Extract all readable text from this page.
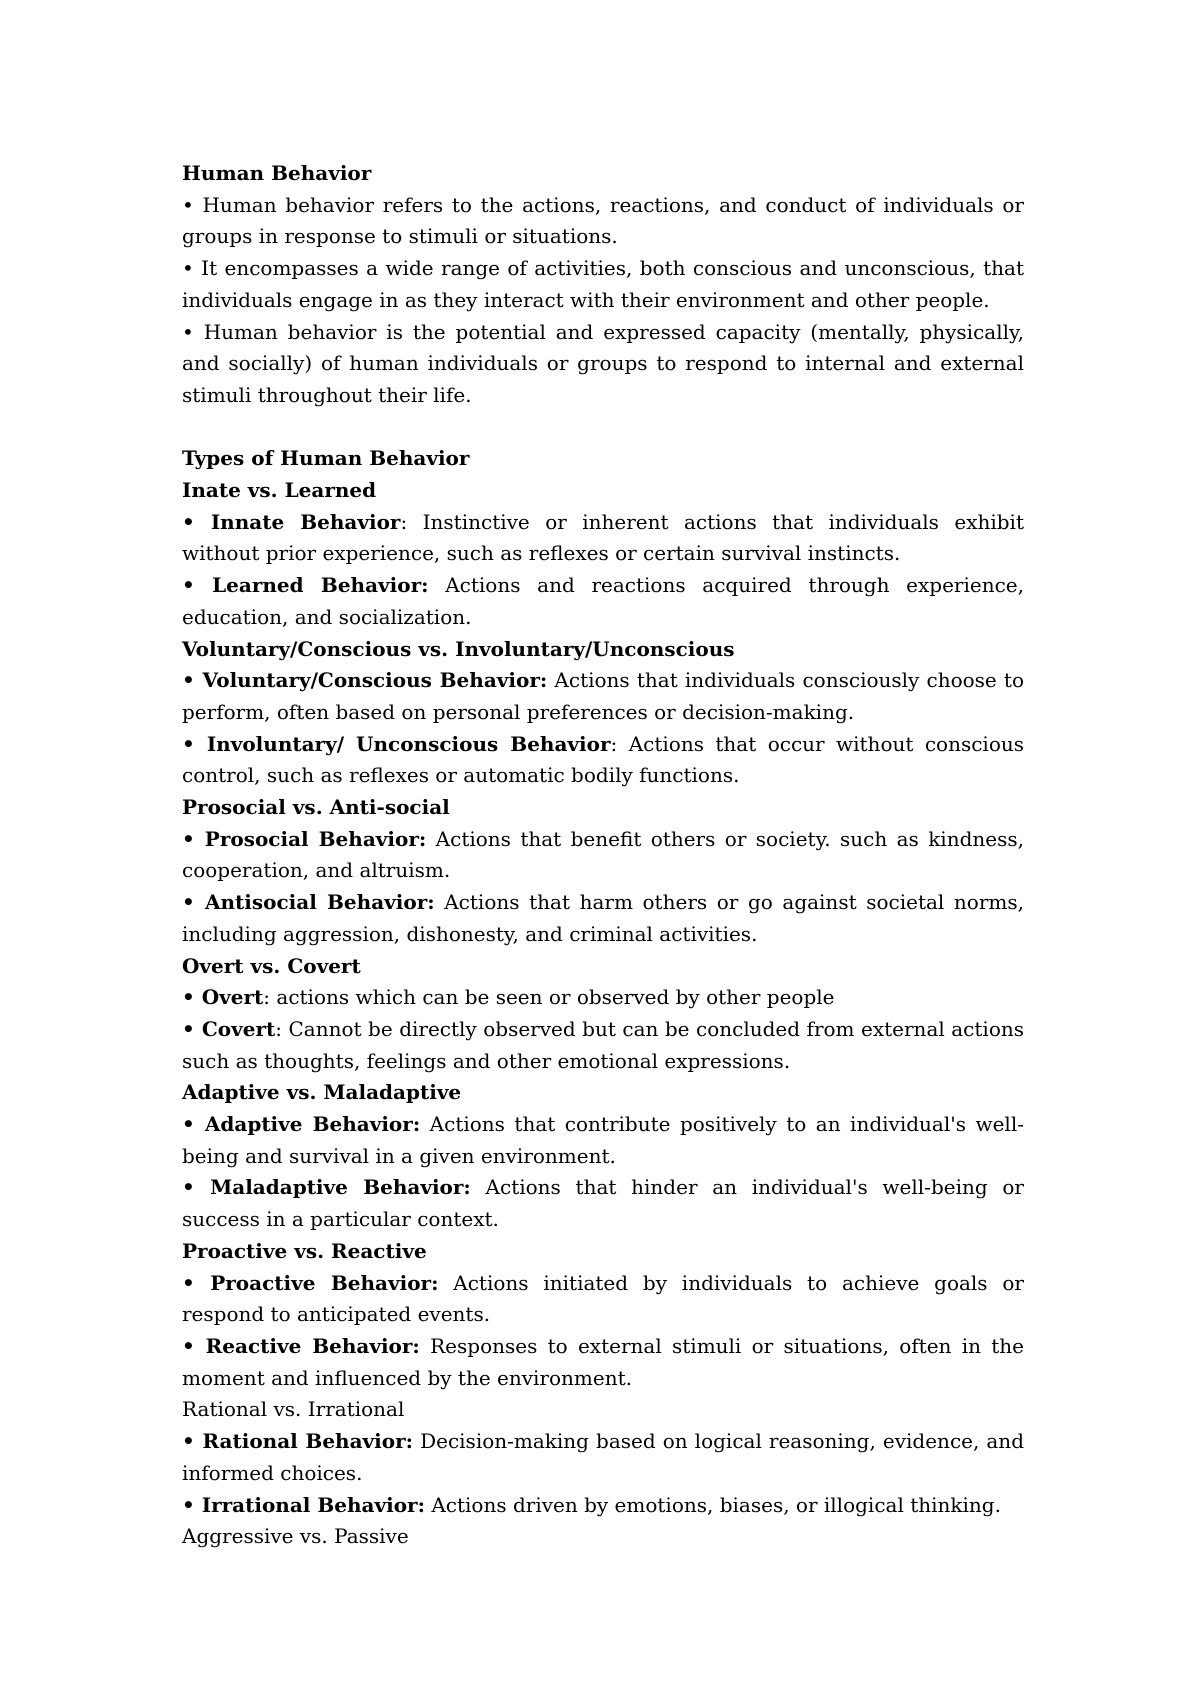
Human Behavior

• Human behavior refers to the actions, reactions, and conduct of individuals or groups in response to stimuli or situations.

• It encompasses a wide range of activities, both conscious and unconscious, that individuals engage in as they interact with their environment and other people.

• Human behavior is the potential and expressed capacity (mentally, physically, and socially) of human individuals or groups to respond to internal and external stimuli throughout their life.

Types of Human Behavior

Inate vs. Learned

• Innate Behavior: Instinctive or inherent actions that individuals exhibit without prior experience, such as reflexes or certain survival instincts.

• Learned Behavior: Actions and reactions acquired through experience, education, and socialization.

Voluntary/Conscious vs. Involuntary/Unconscious

• Voluntary/Conscious Behavior: Actions that individuals consciously choose to perform, often based on personal preferences or decision-making.

• Involuntary/ Unconscious Behavior: Actions that occur without conscious control, such as reflexes or automatic bodily functions.

Prosocial vs. Anti-social

• Prosocial Behavior: Actions that benefit others or society. such as kindness, cooperation, and altruism.

• Antisocial Behavior: Actions that harm others or go against societal norms, including aggression, dishonesty, and criminal activities.

Overt vs. Covert

• Overt: actions which can be seen or observed by other people

• Covert: Cannot be directly observed but can be concluded from external actions such as thoughts, feelings and other emotional expressions.

Adaptive vs. Maladaptive

• Adaptive Behavior: Actions that contribute positively to an individual's well-being and survival in a given environment.

• Maladaptive Behavior: Actions that hinder an individual's well-being or success in a particular context.

Proactive vs. Reactive

• Proactive Behavior: Actions initiated by individuals to achieve goals or respond to anticipated events.

• Reactive Behavior: Responses to external stimuli or situations, often in the moment and influenced by the environment.

Rational vs. Irrational

• Rational Behavior: Decision-making based on logical reasoning, evidence, and informed choices.

• Irrational Behavior: Actions driven by emotions, biases, or illogical thinking.

Aggressive vs. Passive
